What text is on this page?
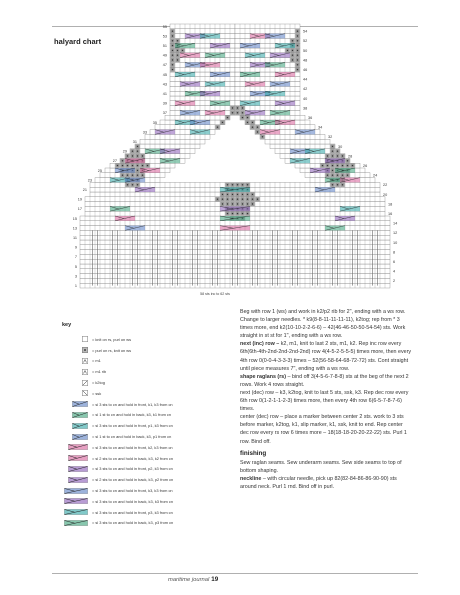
halyard chart
1
2
3
4
5
6
7
8
9
10
11
12
13
14
15
16
17
18
19
20
21
22
23
24
25
26
27
28
29
30
31
32
33
34
35
36
37
38
39
40
41
42
43
44
45
46
47
48
49
50
51
52
53
54
55
58 sts inc to 62 sts
key
= knit on rs, purl on ws
= purl on rs, knit on ws
= m1
= m1 rib
= k2tog
= ssk
= sl 3 sts to cn and hold in front, k1, k3 from cn
= sl 1 st to cn and hold in back, k3, k1 from cn
= sl 3 sts to cn and hold in front, p1, k3 from cn
= sl 1 st to cn and hold in back, k3, p1 from cn
= sl 3 sts to cn and hold in front, k2, k3 from cn
= sl 2 sts to cn and hold in back, k3, k2 from cn
= sl 3 sts to cn and hold in front, p2, k3 from cn
= sl 2 sts to cn and hold in back, k3, p2 from cn
= sl 3 sts to cn and hold in front, k3, k3 from cn
= sl 3 sts to cn and hold in back, k3, k3 from cn
= sl 3 sts to cn and hold in front, p3, k3 from cn
= sl 3 sts to cn and hold in back, k3, p3 from cn

Beg with row 1 (ws) and work in k2/p2 rib for 2", ending with a ws row.

Change to larger needles. * k9(8-8-11-11-11-11), k2tog; rep from * 3 times more, end k2(10-10-2-2-6-6) – 42(46-46-50-50-54-54) sts. Work straight in st st for 1", ending with a ws row.

next (inc) row – k2, m1, knit to last 2 sts, m1, k2. Rep inc row every 6th(6th-4th-2nd-2nd-2nd-2nd) row 4(4-5-2-5-5-5) times more, then every 4th row 0(0-0-4-3-3-3) times – 52(56-58-64-68-72-72) sts. Cont straight until piece measures 7", ending with a ws row.

shape raglans (rs) – bind off 3(4-5-6-7-8-8) sts at the beg of the next 2 rows. Work 4 rows straight.

next (dec) row – k3, k2tog, knit to last 5 sts, ssk, k3. Rep dec row every 6th row 0(1-2-1-1-2-3) times more, then every 4th row 6(6-5-7-8-7-6) times.

center (dec) row – place a marker between center 2 sts. work to 3 sts before marker, k2tog, k1, slip marker, k1, ssk, knit to end. Rep center dec row every rs row 6 times more – 18(18-18-20-20-22-22) sts. Purl 1 row. Bind off.

finishing

Sew raglan seams. Sew underarm seams. Sew side seams to top of bottom shaping.

neckline – with circular needle, pick up 82(82-84-86-86-90-90) sts around neck. Purl 1 rnd. Bind off in purl.

maritime journal 19
